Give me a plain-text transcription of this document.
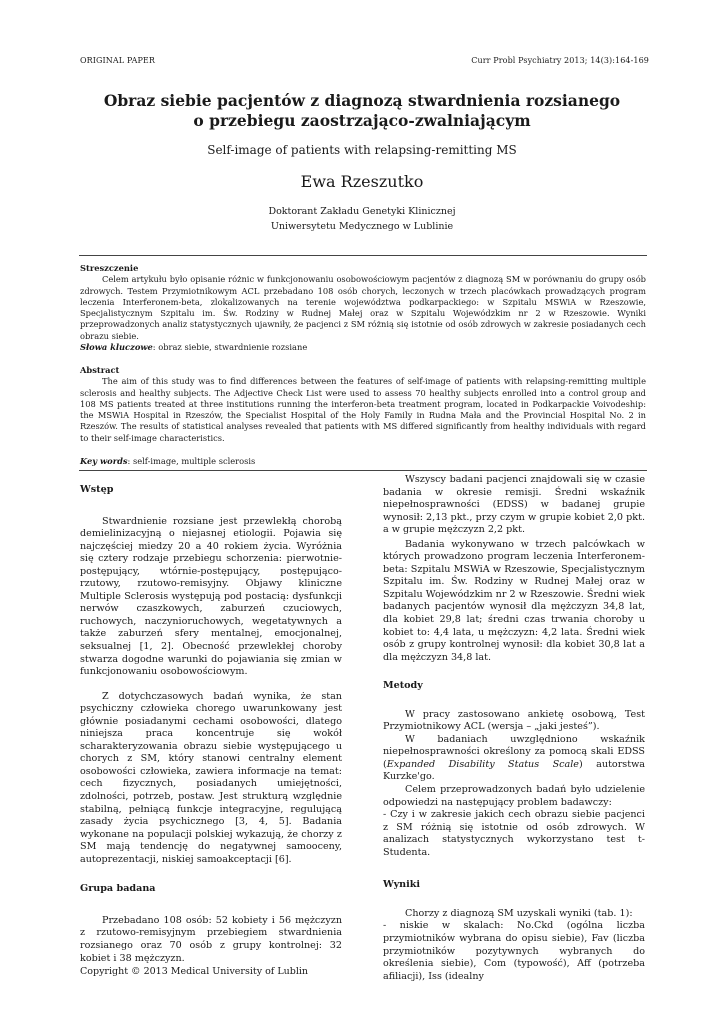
ORIGINAL PAPER	Curr Probl Psychiatry 2013; 14(3):164-169
Obraz siebie pacjentów z diagnozą stwardnienia rozsianego
o przebiegu zaostrzająco-zwalniającym
Self-image of patients with relapsing-remitting MS
Ewa Rzeszutko
Doktorant Zakładu Genetyki Klinicznej
Uniwersytetu Medycznego w Lublinie
Streszczenie
Celem artykułu było opisanie różnic w funkcjonowaniu osobowościowym pacjentów z diagnozą SM w porównaniu do grupy osób zdrowych. Testem Przymiotnikowym ACL przebadano 108 osób chorych, leczonych w trzech placówkach prowadzących program leczenia Interferonem-beta, zlokalizowanych na terenie województwa podkarpackiego: w Szpitalu MSWiA w Rzeszowie, Specjalistycznym Szpitalu im. Św. Rodziny w Rudnej Małej oraz w Szpitalu Wojewódzkim nr 2 w Rzeszowie. Wyniki przeprowadzonych analiz statystycznych ujawniły, że pacjenci z SM różnią się istotnie od osób zdrowych w zakresie posiadanych cech obrazu siebie.
Słowa kluczowe: obraz siebie, stwardnienie rozsiane
Abstract
The aim of this study was to find differences between the features of self-image of patients with relapsing-remitting multiple sclerosis and healthy subjects. The Adjective Check List were used to assess 70 healthy subjects enrolled into a control group and 108 MS patients treated at three institutions running the interferon-beta treatment program, located in Podkarpackie Voivodeship: the MSWiA Hospital in Rzeszów, the Specialist Hospital of the Holy Family in Rudna Mała and the Provincial Hospital No. 2 in Rzeszów. The results of statistical analyses revealed that patients with MS differed significantly from healthy individuals with regard to their self-image characteristics.
Key words: self-image, multiple sclerosis
Wstęp

Stwardnienie rozsiane jest przewlekłą chorobą demielinizacyjną o niejasnej etiologii. Pojawia się najczęściej miedzy 20 a 40 rokiem życia. Wyróżnia się cztery rodzaje przebiegu schorzenia: pierwotnie-postępujący, wtórnie-postępujący, postępująco-rzutowy, rzutowo-remisyjny. Objawy kliniczne Multiple Sclerosis występują pod postacią: dysfunkcji nerwów czaszkowych, zaburzeń czuciowych, ruchowych, naczynioruchowych, wegetatywnych a także zaburzeń sfery mentalnej, emocjonalnej, seksualnej [1, 2]. Obecność przewlekłej choroby stwarza dogodne warunki do pojawiania się zmian w funkcjonowaniu osobowościowym.

Z dotychczasowych badań wynika, że stan psychiczny człowieka chorego uwarunkowany jest głównie posiadanymi cechami osobowości, dlatego niniejsza praca koncentruje się wokół scharakteryzowania obrazu siebie występującego u chorych z SM, który stanowi centralny element osobowości człowieka, zawiera informacje na temat: cech fizycznych, posiadanych umiejętności, zdolności, potrzeb, postaw. Jest strukturą względnie stabilną, pełniącą funkcje integracyjne, regulującą zasady życia psychicznego [3, 4, 5]. Badania wykonane na populacji polskiej wykazują, że chorzy z SM mają tendencję do negatywnej samooceny, autoprezentacji, niskiej samoakceptacji [6].

Grupa badana

Przebadano 108 osób: 52 kobiety i 56 mężczyzn z rzutowo-remisyjnym przebiegiem stwardnienia rozsianego oraz 70 osób z grupy kontrolnej: 32 kobiet i 38 mężczyzn.

Wszyscy badani pacjenci znajdowali się w czasie badania w okresie remisji. Średni wskaźnik niepełnosprawności (EDSS) w badanej grupie wynosił: 2,13 pkt., przy czym w grupie kobiet 2,0 pkt. a w grupie mężczyzn 2,2 pkt.

Badania wykonywano w trzech palcówkach w których prowadzono program leczenia Interferonem-beta: Szpitalu MSWiA w Rzeszowie, Specjalistycznym Szpitalu im. Św. Rodziny w Rudnej Małej oraz w Szpitalu Wojewódzkim nr 2 w Rzeszowie. Średni wiek badanych pacjentów wynosił dla mężczyzn 34,8 lat, dla kobiet 29,8 lat; średni czas trwania choroby u kobiet to: 4,4 lata, u mężczyzn: 4,2 lata. Średni wiek osób z grupy kontrolnej wynosił: dla kobiet 30,8 lat a dla mężczyzn 34,8 lat.

Metody

W pracy zastosowano ankietę osobową, Test Przymiotnikowy ACL (wersja – „jaki jesteś”).

W badaniach uwzględniono wskaźnik niepełnosprawności określony za pomocą skali EDSS (Expanded Disability Status Scale) autorstwa Kurzke'go.

Celem przeprowadzonych badań było udzielenie odpowiedzi na następujący problem badawczy:

- Czy i w zakresie jakich cech obrazu siebie pacjenci z SM różnią się istotnie od osób zdrowych. W analizach statystycznych wykorzystano test t-Studenta.

Wyniki

Chorzy z diagnozą SM uzyskali wyniki (tab. 1):

- niskie w skalach: No.Ckd (ogólna liczba przymiotników wybrana do opisu siebie), Fav (liczba przymiotników pozytywnych wybranych do określenia siebie), Com (typowość), Aff (potrzeba afiliacji), Iss (idealny

Copyright © 2013 Medical University of Lublin
